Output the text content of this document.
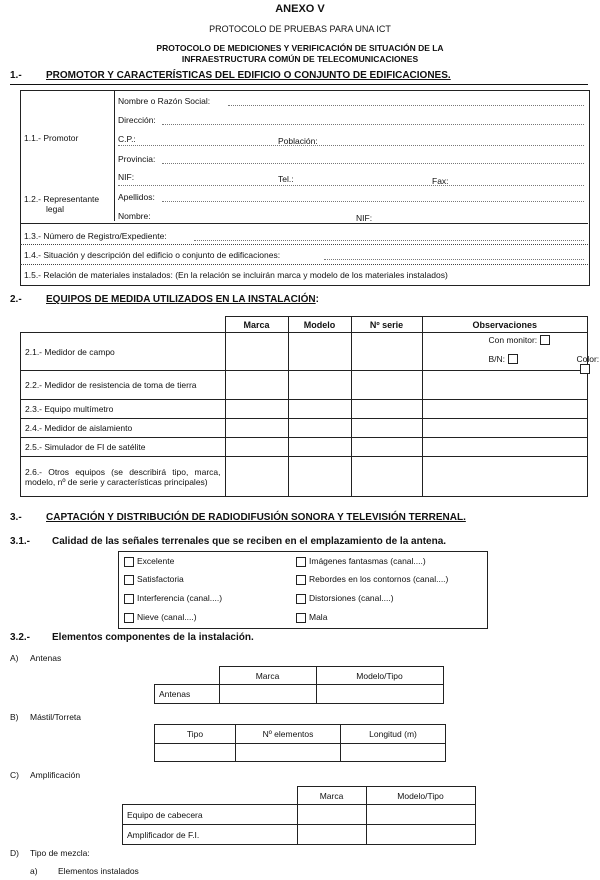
ANEXO V
PROTOCOLO DE PRUEBAS PARA UNA ICT
PROTOCOLO DE MEDICIONES Y VERIFICACIÓN DE SITUACIÓN DE LA
INFRAESTRUCTURA COMÚN DE TELECOMUNICACIONES
1.- PROMOTOR Y CARACTERÍSTICAS DEL EDIFICIO O CONJUNTO DE EDIFICACIONES.
1.1.- Promotor
Nombre o Razón Social:
Dirección:
C.P.:	Población:
Provincia:
NIF:	Tel.:	Fax:
1.2.- Representante
legal
Apellidos:
Nombre:	NIF:
1.3.- Número de Registro/Expediente:
1.4.- Situación y descripción del edificio o conjunto de edificaciones:
1.5.- Relación de materiales instalados: (En la relación se incluirán marca y modelo de los materiales instalados)
2.- EQUIPOS DE MEDIDA UTILIZADOS EN LA INSTALACIÓN:
	Marca	Modelo	Nº serie	Observaciones
2.1.- Medidor de campo				Con monitor:
B/N: Color:

2.2.- Medidor de resistencia de toma de tierra				
2.3.- Equipo multímetro				
2.4.- Medidor de aislamiento				
2.5.- Simulador de FI de satélite				
2.6.- Otros equipos (se describirá tipo, marca, modelo, nº de serie y características principales)				
3.- CAPTACIÓN Y DISTRIBUCIÓN DE RADIODIFUSIÓN SONORA Y TELEVISIÓN TERRENAL.
3.1.- Calidad de las señales terrenales que se reciben en el emplazamiento de la antena.
Excelente
Satisfactoria
Interferencia (canal....)
Nieve (canal....)
Imágenes fantasmas (canal....)
Rebordes en los contornos (canal....)
Distorsiones (canal....)
Mala
3.2.- Elementos componentes de la instalación.
A) Antenas
	Marca	Modelo/Tipo
Antenas		
B) Mástil/Torreta
Tipo	Nº elementos	Longitud (m)

C) Amplificación
	Marca	Modelo/Tipo
Equipo de cabecera		
Amplificador de F.I.		
D) Tipo de mezcla:
a) Elementos instalados
